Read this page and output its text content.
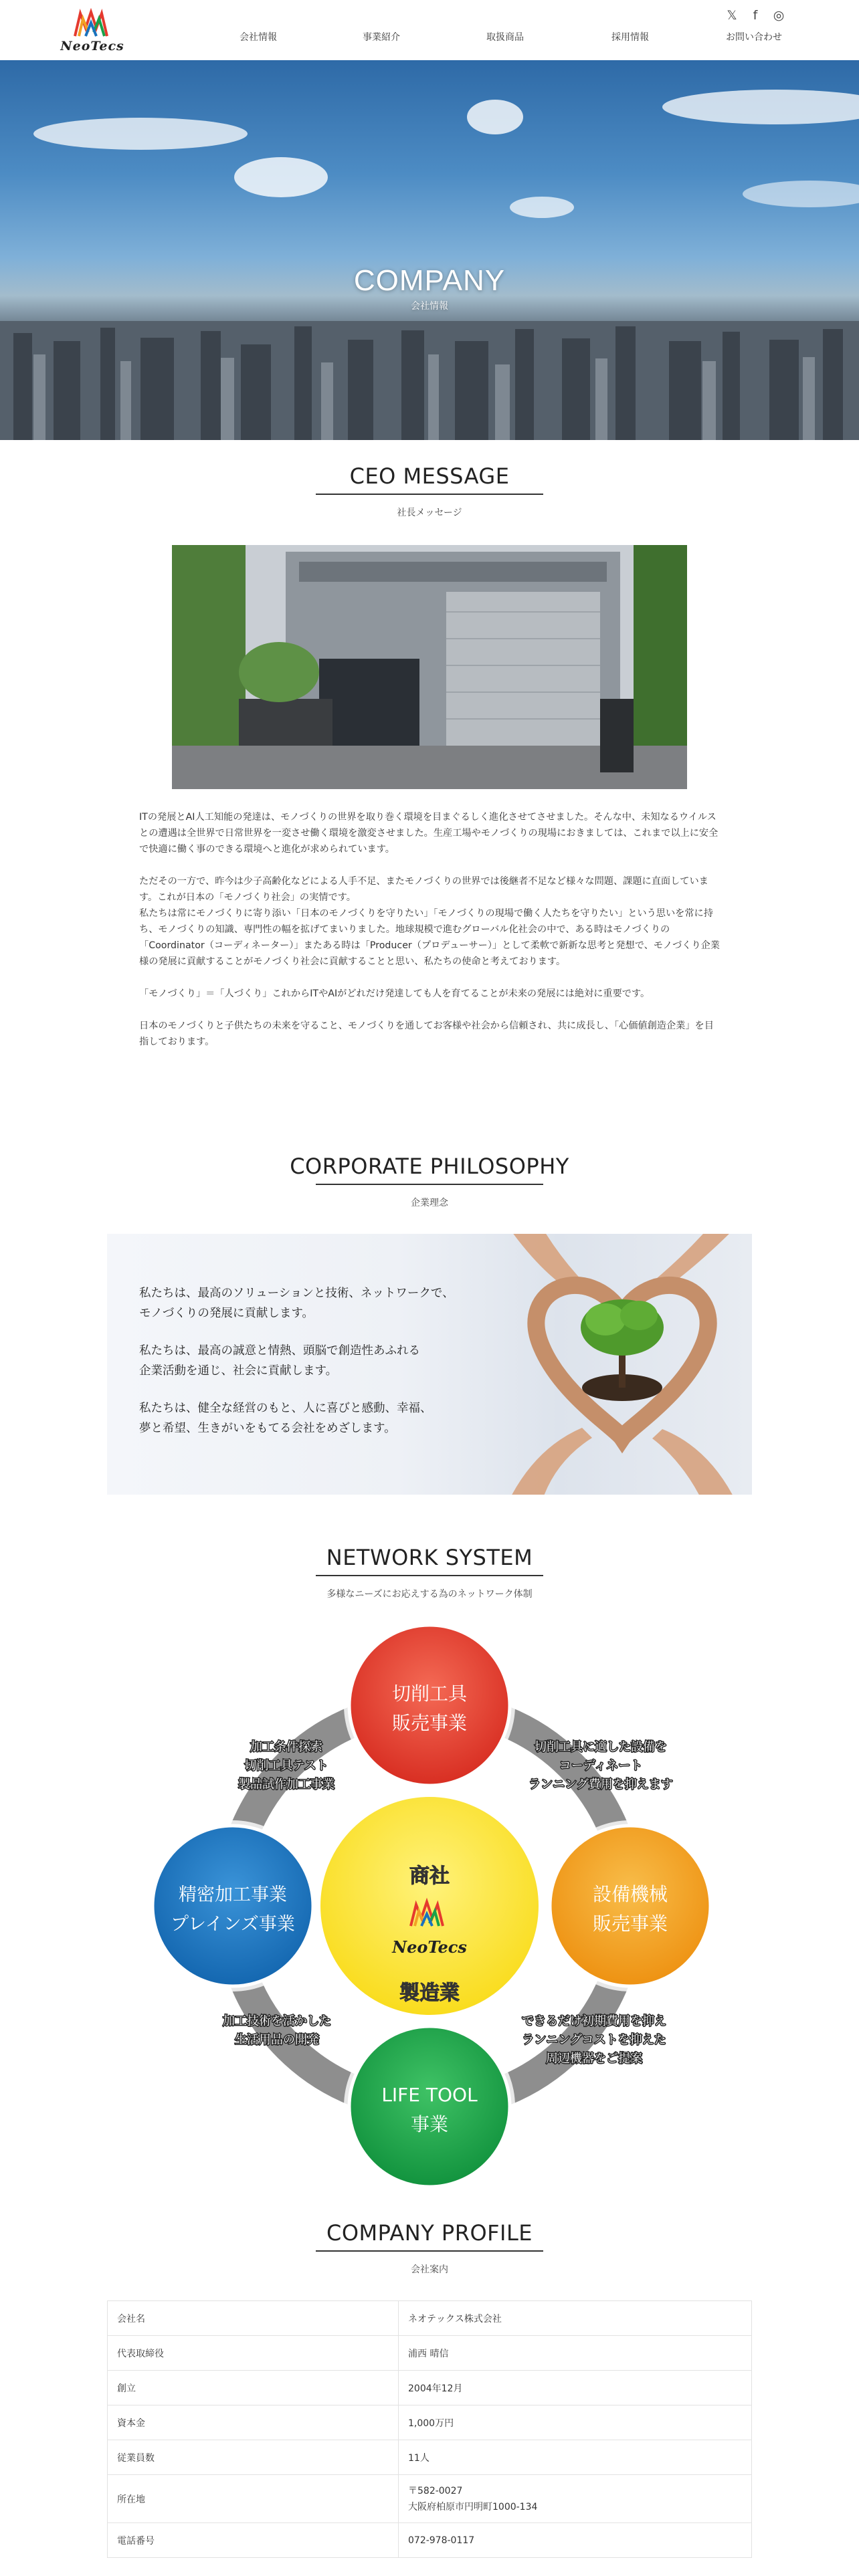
NeoTecs
会社情報	事業紹介	取扱商品	採用情報	お問い合わせ
𝕏 f ◎
COMPANY
会社情報
CEO MESSAGE
社長メッセージ

ITの発展とAI人工知能の発達は、モノづくりの世界を取り巻く環境を目まぐるしく進化させてさせました。そんな中、未知なるウイルスとの遭遇は全世界で日常世界を一変させ働く環境を激変させました。生産工場やモノづくりの現場におきましては、これまで以上に安全で快適に働く事のできる環境へと進化が求められています。

ただその一方で、昨今は少子高齢化などによる人手不足、またモノづくりの世界では後継者不足など様々な問題、課題に直面しています。これが日本の「モノづくり社会」の実情です。
私たちは常にモノづくりに寄り添い「日本のモノづくりを守りたい」「モノづくりの現場で働く人たちを守りたい」という思いを常に持ち、モノづくりの知識、専門性の幅を拡げてまいりました。地球規模で進むグローバル化社会の中で、ある時はモノづくりの「Coordinator（コーディネーター）」またある時は「Producer（プロデューサー）」として柔軟で新新な思考と発想で、モノづくり企業様の発展に貢献することがモノづくり社会に貢献することと思い、私たちの使命と考えております。

「モノづくり」＝「人づくり」これからITやAIがどれだけ発達しても人を育てることが未来の発展には絶対に重要です。

日本のモノづくりと子供たちの未来を守ること、モノづくりを通してお客様や社会から信頼され、共に成長し、「心価値創造企業」を目指しております。

CORPORATE PHILOSOPHY
企業理念

私たちは、最高のソリューションと技術、ネットワークで、
モノづくりの発展に貢献します。

私たちは、最高の誠意と情熱、頭脳で創造性あふれる
企業活動を通じ、社会に貢献します。

私たちは、健全な経営のもと、人に喜びと感動、幸福、
夢と希望、生きがいをもてる会社をめざします。

NETWORK SYSTEM
多様なニーズにお応えする為のネットワーク体制
NeoTecs
商社
製造業
切削工具
販売事業
設備機械
販売事業
LIFE TOOL
事業
精密加工事業
プレインズ事業
加工条件探索
切削工具テスト
製品試作加工事業
切削工具に適した設備を
コーディネート
ランニング費用を抑えます
加工技術を活かした
生活用品の開発
できるだけ初期費用を抑え
ランニングコストを抑えた
周辺機器をご提案
COMPANY PROFILE
会社案内
会社名	ネオテックス株式会社
代表取締役	浦西 晴信
創立	2004年12月
資本金	1,000万円
従業員数	11人
所在地	〒582-0027
大阪府柏原市円明町1000-134
電話番号	072-978-0117
